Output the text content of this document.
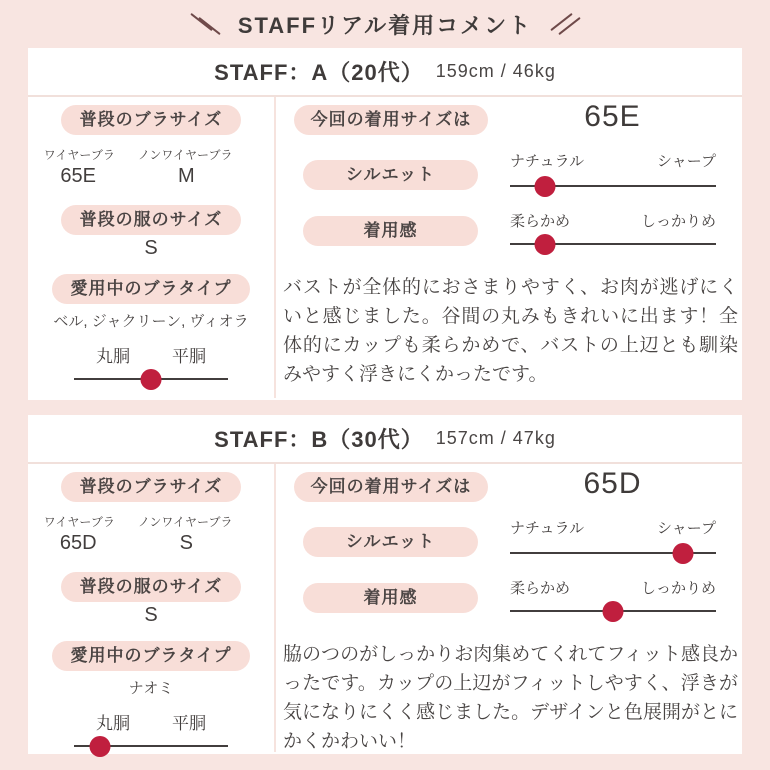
STAFFリアル着用コメント
STAFF：A（20代） 159cm / 46kg
普段のブラサイズ
ワイヤーブラ ノンワイヤーブラ
65E	M
普段の服のサイズ
S
愛用中のブラタイプ
ベル, ジャクリーン, ヴィオラ
丸胴 平胴
今回の着用サイズは	65E
ナチュラル	シャープ
シルエット
柔らかめ	しっかりめ
着用感
バストが全体的におさまりやすく、お肉が逃げにくいと感じました。谷間の丸みもきれいに出ます！全体的にカップも柔らかめで、バストの上辺とも馴染みやすく浮きにくかったです。
STAFF：B（30代） 157cm / 47kg
普段のブラサイズ
ワイヤーブラ ノンワイヤーブラ
65D	S
普段の服のサイズ
S
愛用中のブラタイプ
ナオミ
丸胴 平胴
今回の着用サイズは	65D
ナチュラル	シャープ
シルエット
柔らかめ	しっかりめ
着用感
脇のつのがしっかりお肉集めてくれてフィット感良かったです。カップの上辺がフィットしやすく、浮きが気になりにくく感じました。デザインと色展開がとにかくかわいい！
